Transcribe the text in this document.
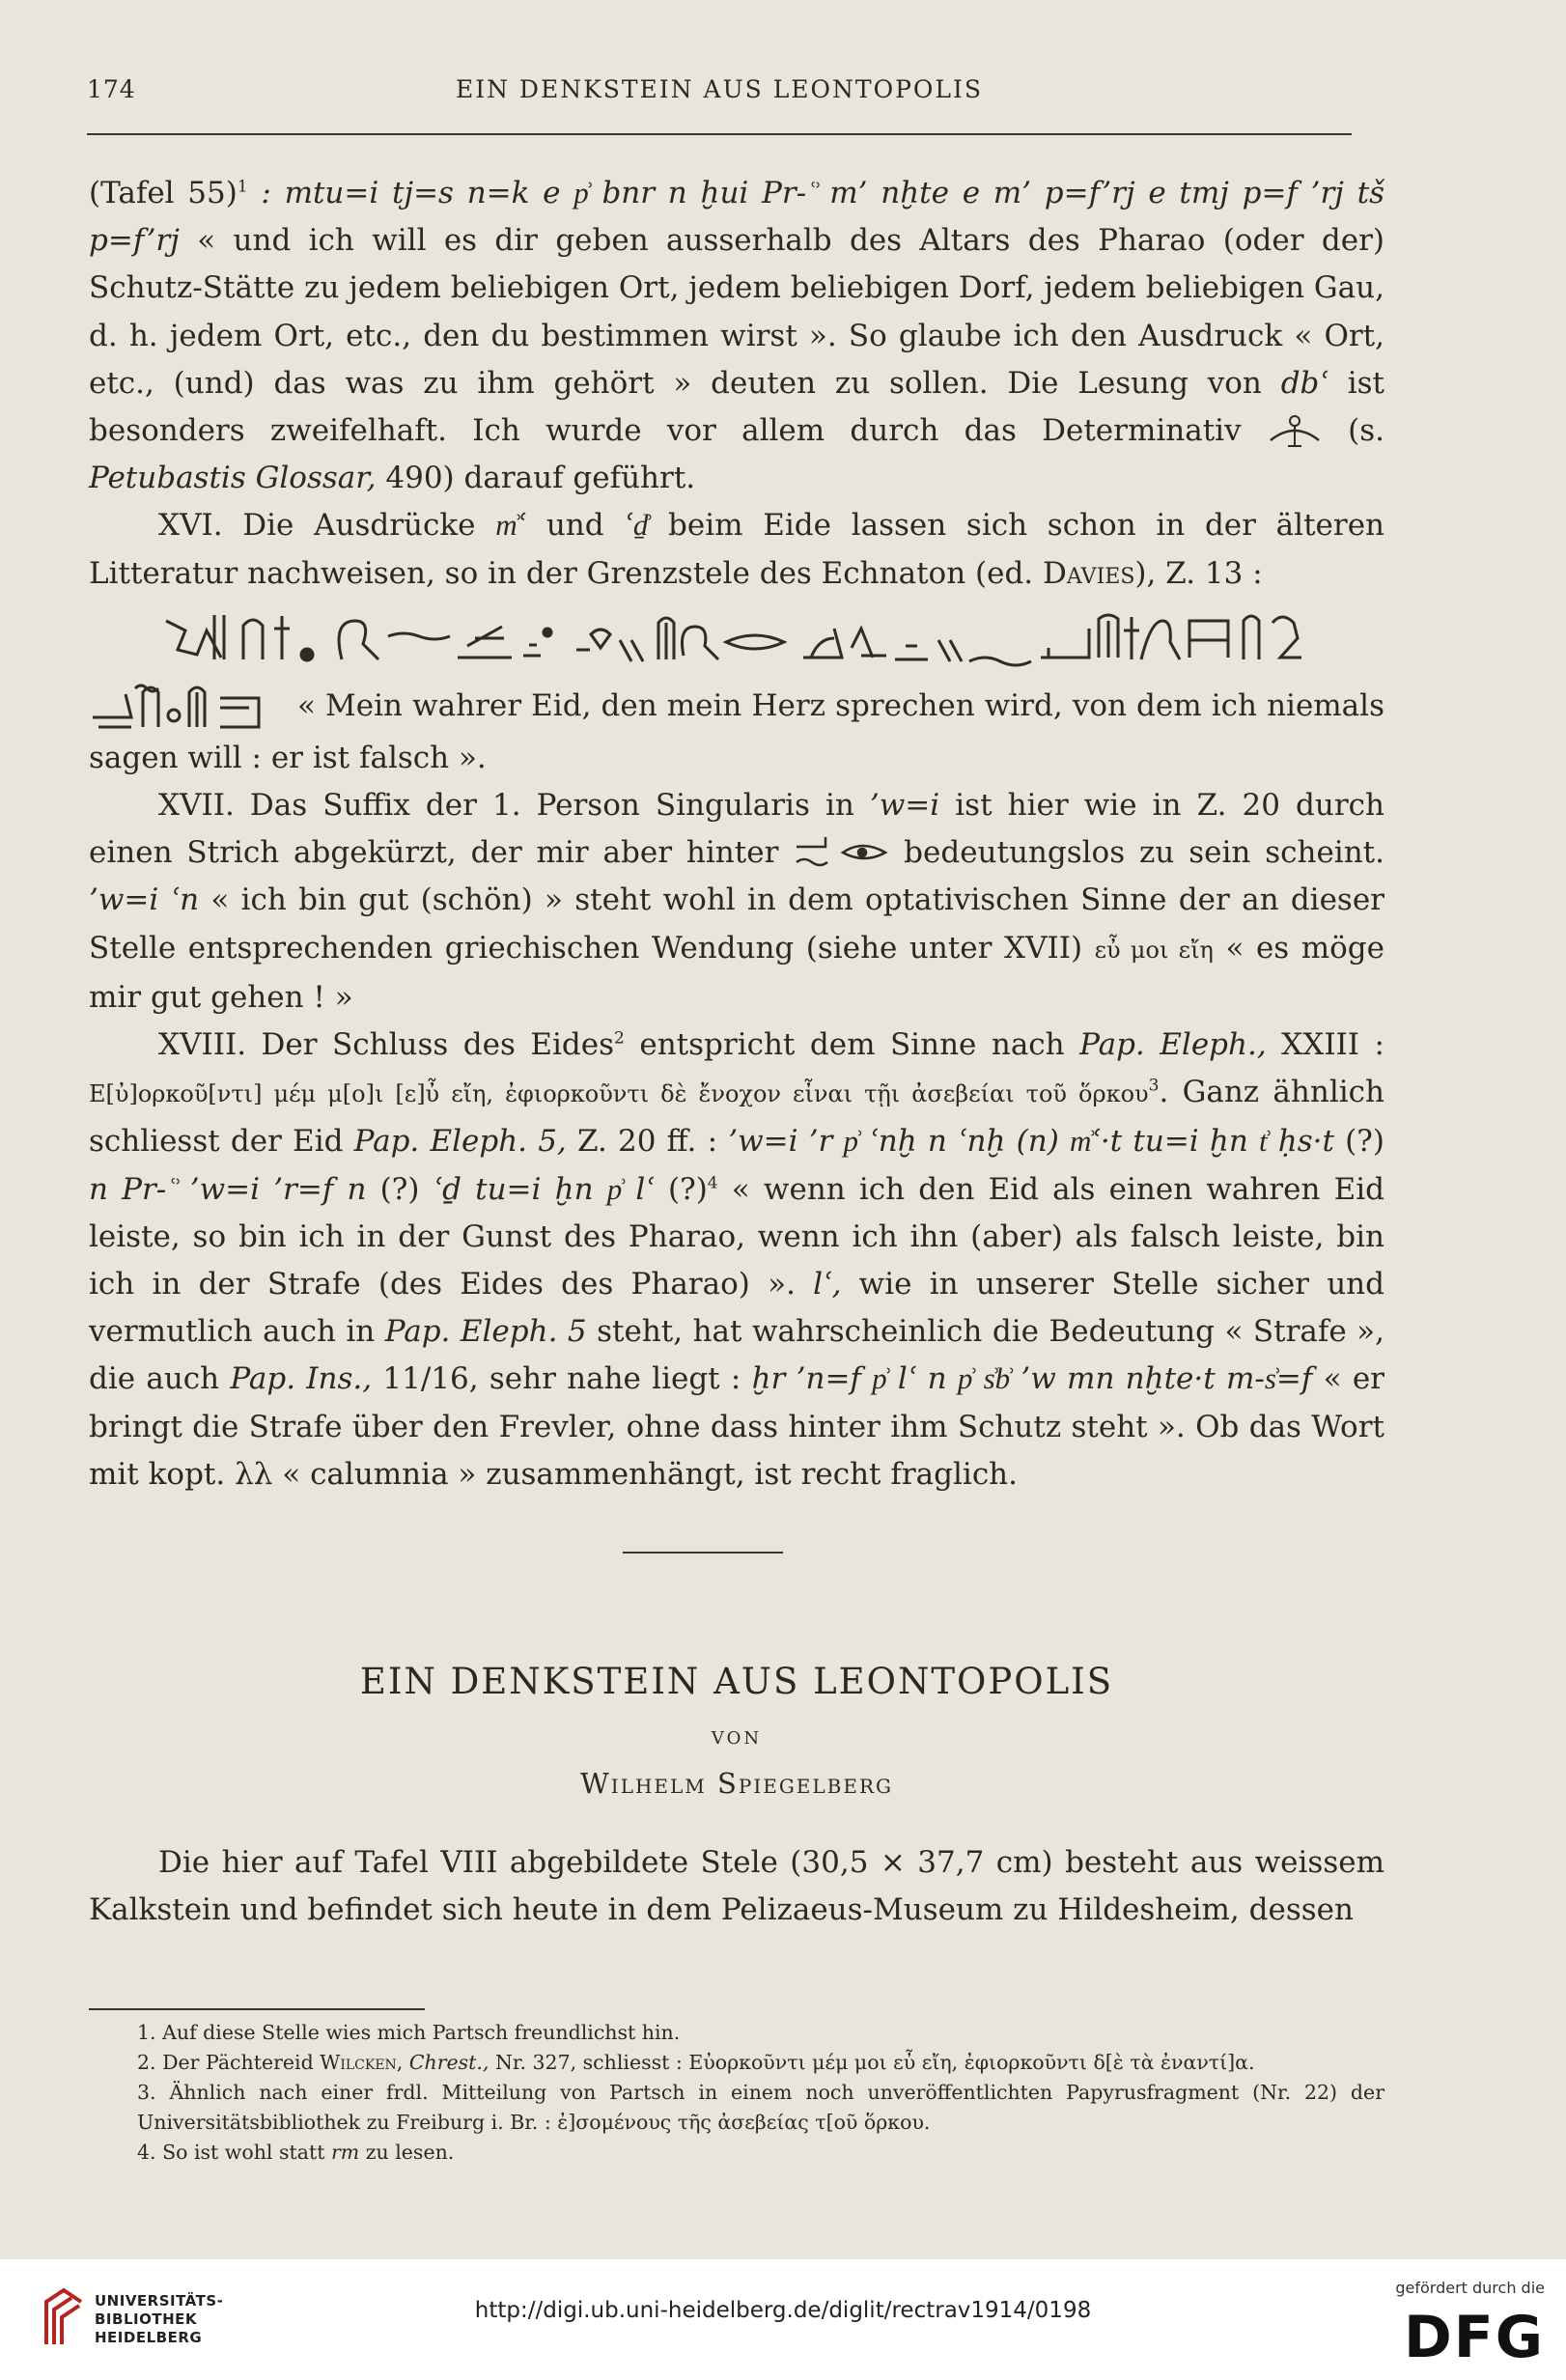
174	EIN DENKSTEIN AUS LEONTOPOLIS

(Tafel 55)$^1$ : mtu=i tj=s n=k e p͗ bnr n ḫui Pr-ʿ͗ m’ nḫte e m’ p=f’rj e tmj p=f ’rj tš p=f’rj « und ich will es dir geben ausserhalb des Altars des Pharao (oder der) Schutz-Stätte zu jedem beliebigen Ort, jedem beliebigen Dorf, jedem beliebigen Gau, d. h. jedem Ort, etc., den du bestimmen wirst ». So glaube ich den Ausdruck « Ort, etc., (und) das was zu ihm gehört » deuten zu sollen. Die Lesung von dbʿ ist besonders zweifelhaft. Ich wurde vor allem durch das Determinativ  (s. Petubastis Glossar, 490) darauf geführt.

XVI. Die Ausdrücke m͗ʿ und ʿḏ͗ beim Eide lassen sich schon in der älteren Litteratur nachweisen, so in der Grenzstele des Echnaton (ed. Davies), Z. 13 :

« Mein wahrer Eid, den mein Herz sprechen wird, von dem ich niemals sagen will : er ist falsch ».

XVII. Das Suffix der 1. Person Singularis in ’w=i ist hier wie in Z. 20 durch einen Strich abgekürzt, der mir aber hinter	bedeutungslos zu sein scheint. ’w=i ʿn « ich bin gut (schön) » steht wohl in dem optativischen Sinne der an dieser Stelle entsprechenden griechischen Wendung (siehe unter XVII) εὖ μοι εἴη « es möge mir gut gehen ! »

XVIII. Der Schluss des Eides$^2$ entspricht dem Sinne nach Pap. Eleph., XXIII : Ε[ὐ]ορκοῦ[ντι] μέμ μ[ο]ι [ε]ὖ εἴη, ἐφιορκοῦντι δὲ ἔνοχον εἶναι τῇι ἀσεβείαι τοῦ ὅρκου$^3$. Ganz ähnlich schliesst der Eid Pap. Eleph. 5, Z. 20 ff. : ’w=i ’r p͗ ʿnḫ n ʿnḫ (n) m͗ʿ·t tu=i ḫn t͗ ḥs·t (?) n Pr-ʿ͗ ’w=i ’r=f n (?) ʿḏ tu=i ḫn p͗ lʿ (?)$^4$ « wenn ich den Eid als einen wahren Eid leiste, so bin ich in der Gunst des Pharao, wenn ich ihn (aber) als falsch leiste, bin ich in der Strafe (des Eides des Pharao) ». lʿ, wie in unserer Stelle sicher und vermutlich auch in Pap. Eleph. 5 steht, hat wahrscheinlich die Bedeutung « Strafe », die auch Pap. Ins., 11/16, sehr nahe liegt : ḫr ’n=f p͗ lʿ n p͗ s͗b͗ ’w mn nḫte·t m-s͗=f « er bringt die Strafe über den Frevler, ohne dass hinter ihm Schutz steht ». Ob das Wort mit kopt. λλ « calumnia » zusammenhängt, ist recht fraglich.

EIN DENKSTEIN AUS LEONTOPOLIS
VON
Wilhelm Spiegelberg

Die hier auf Tafel VIII abgebildete Stele (30,5 × 37,7 cm) besteht aus weissem Kalkstein und befindet sich heute in dem Pelizaeus-Museum zu Hildesheim, dessen

1. Auf diese Stelle wies mich Partsch freundlichst hin.

2. Der Pächtereid Wilcken, Chrest., Nr. 327, schliesst : Εὐορκοῦντι μέμ μοι εὖ εἴη, ἐφιορκοῦντι δ[ὲ τὰ ἐναντί]α.

3. Ähnlich nach einer frdl. Mitteilung von Partsch in einem noch unveröffentlichten Papyrusfragment (Nr. 22) der Universitätsbibliothek zu Freiburg i. Br. : ἐ]σομένους τῆς ἀσεβείας τ[οῦ ὅρκου.

4. So ist wohl statt rm zu lesen.

UNIVERSITÄTS-
BIBLIOTHEK
HEIDELBERG
http://digi.ub.uni-heidelberg.de/diglit/rectrav1914/0198
gefördert durch die
DFG
